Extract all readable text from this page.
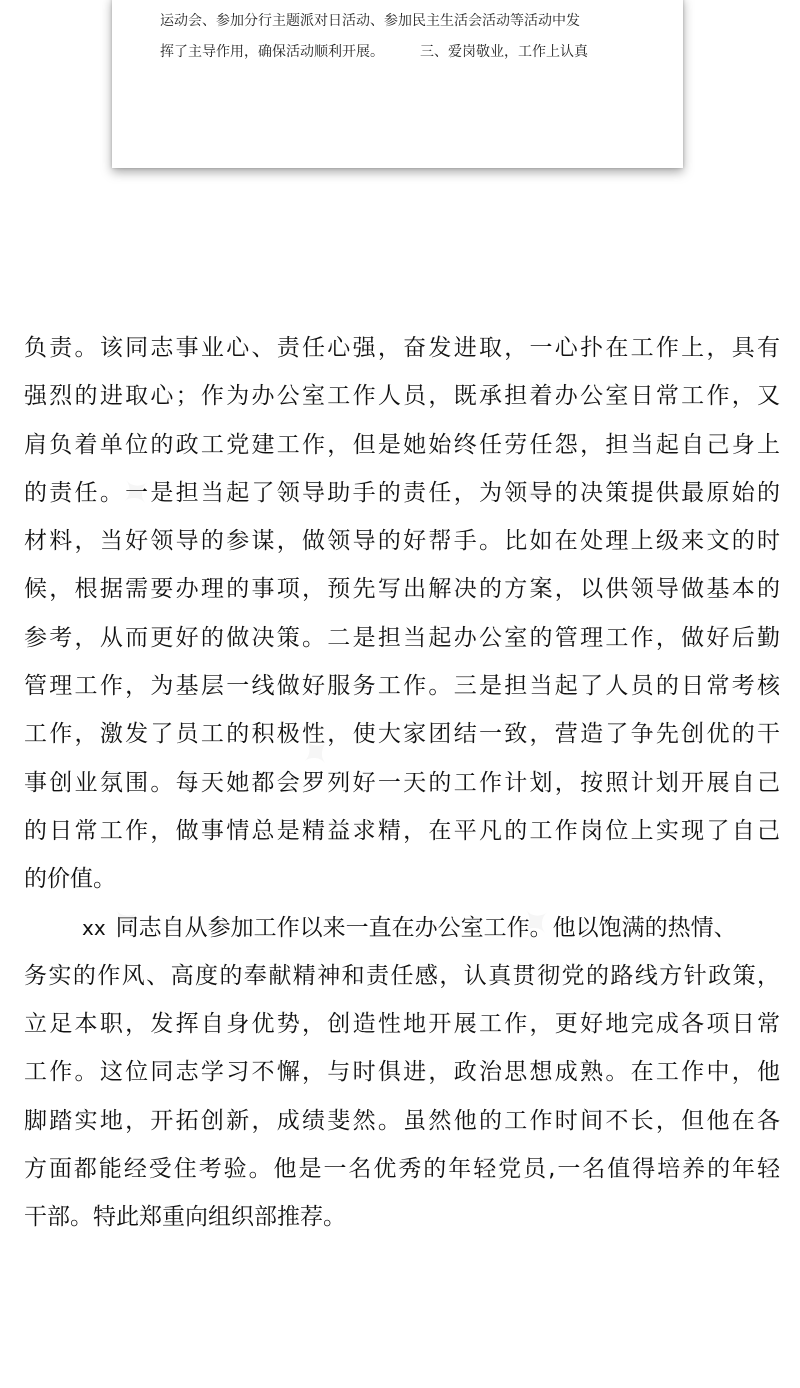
运动会、参加分行主题派对日活动、参加民主生活会活动等活动中发
挥了主导作用，确保活动顺利开展。	三、爱岗敬业，工作上认真
负责。该同志事业心、责任心强，奋发进取，一心扑在工作上，具有
强烈的进取心；作为办公室工作人员，既承担着办公室日常工作，又
肩负着单位的政工党建工作，但是她始终任劳任怨，担当起自己身上
的责任。一是担当起了领导助手的责任，为领导的决策提供最原始的
材料，当好领导的参谋，做领导的好帮手。比如在处理上级来文的时
候，根据需要办理的事项，预先写出解决的方案，以供领导做基本的
参考，从而更好的做决策。二是担当起办公室的管理工作，做好后勤
管理工作，为基层一线做好服务工作。三是担当起了人员的日常考核
工作，激发了员工的积极性，使大家团结一致，营造了争先创优的干
事创业氛围。每天她都会罗列好一天的工作计划，按照计划开展自己
的日常工作，做事情总是精益求精，在平凡的工作岗位上实现了自己
的价值。
xx 同志自从参加工作以来一直在办公室工作。他以饱满的热情、
务实的作风、高度的奉献精神和责任感，认真贯彻党的路线方针政策，
立足本职，发挥自身优势，创造性地开展工作，更好地完成各项日常
工作。这位同志学习不懈，与时俱进，政治思想成熟。在工作中，他
脚踏实地，开拓创新，成绩斐然。虽然他的工作时间不长，但他在各
方面都能经受住考验。他是一名优秀的年轻党员,一名值得培养的年轻
干部。特此郑重向组织部推荐。
